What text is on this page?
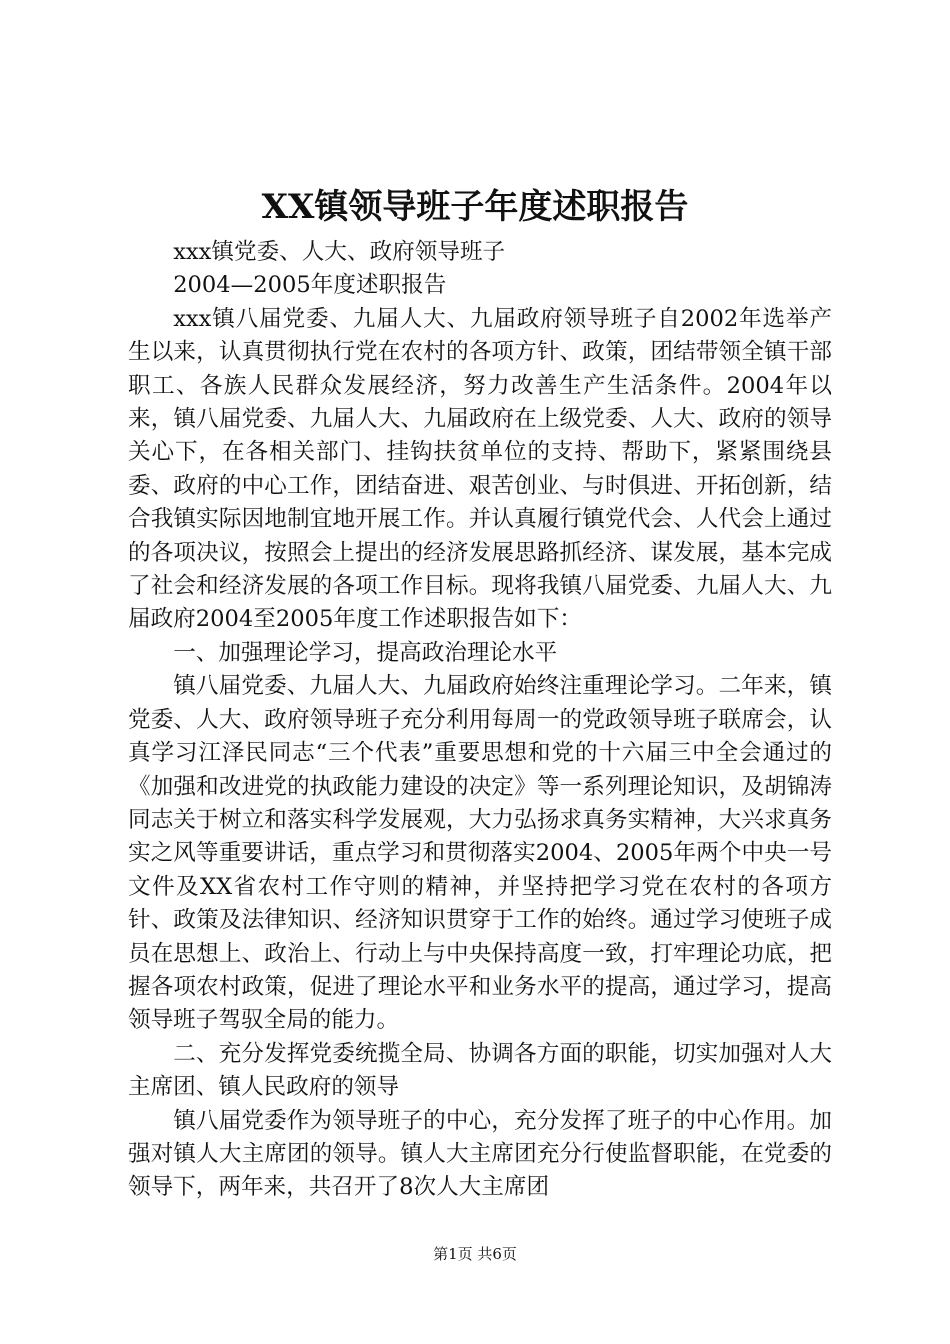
XX镇领导班子年度述职报告

xxx镇党委、人大、政府领导班子

2004—2005年度述职报告

xxx镇八届党委、九届人大、九届政府领导班子自2002年选举产生以来，认真贯彻执行党在农村的各项方针、政策，团结带领全镇干部职工、各族人民群众发展经济，努力改善生产生活条件。2004年以来，镇八届党委、九届人大、九届政府在上级党委、人大、政府的领导关心下，在各相关部门、挂钩扶贫单位的支持、帮助下，紧紧围绕县委、政府的中心工作，团结奋进、艰苦创业、与时俱进、开拓创新，结合我镇实际因地制宜地开展工作。并认真履行镇党代会、人代会上通过的各项决议，按照会上提出的经济发展思路抓经济、谋发展，基本完成了社会和经济发展的各项工作目标。现将我镇八届党委、九届人大、九届政府2004至2005年度工作述职报告如下：

一、加强理论学习，提高政治理论水平

镇八届党委、九届人大、九届政府始终注重理论学习。二年来，镇党委、人大、政府领导班子充分利用每周一的党政领导班子联席会，认真学习江泽民同志“三个代表”重要思想和党的十六届三中全会通过的《加强和改进党的执政能力建设的决定》等一系列理论知识，及胡锦涛同志关于树立和落实科学发展观，大力弘扬求真务实精神，大兴求真务实之风等重要讲话，重点学习和贯彻落实2004、2005年两个中央一号文件及XX省农村工作守则的精神，并坚持把学习党在农村的各项方针、政策及法律知识、经济知识贯穿于工作的始终。通过学习使班子成员在思想上、政治上、行动上与中央保持高度一致，打牢理论功底，把握各项农村政策，促进了理论水平和业务水平的提高，通过学习，提高领导班子驾驭全局的能力。

二、充分发挥党委统揽全局、协调各方面的职能，切实加强对人大主席团、镇人民政府的领导

镇八届党委作为领导班子的中心，充分发挥了班子的中心作用。加强对镇人大主席团的领导。镇人大主席团充分行使监督职能，在党委的领导下，两年来，共召开了8次人大主席团

第1页 共6页
